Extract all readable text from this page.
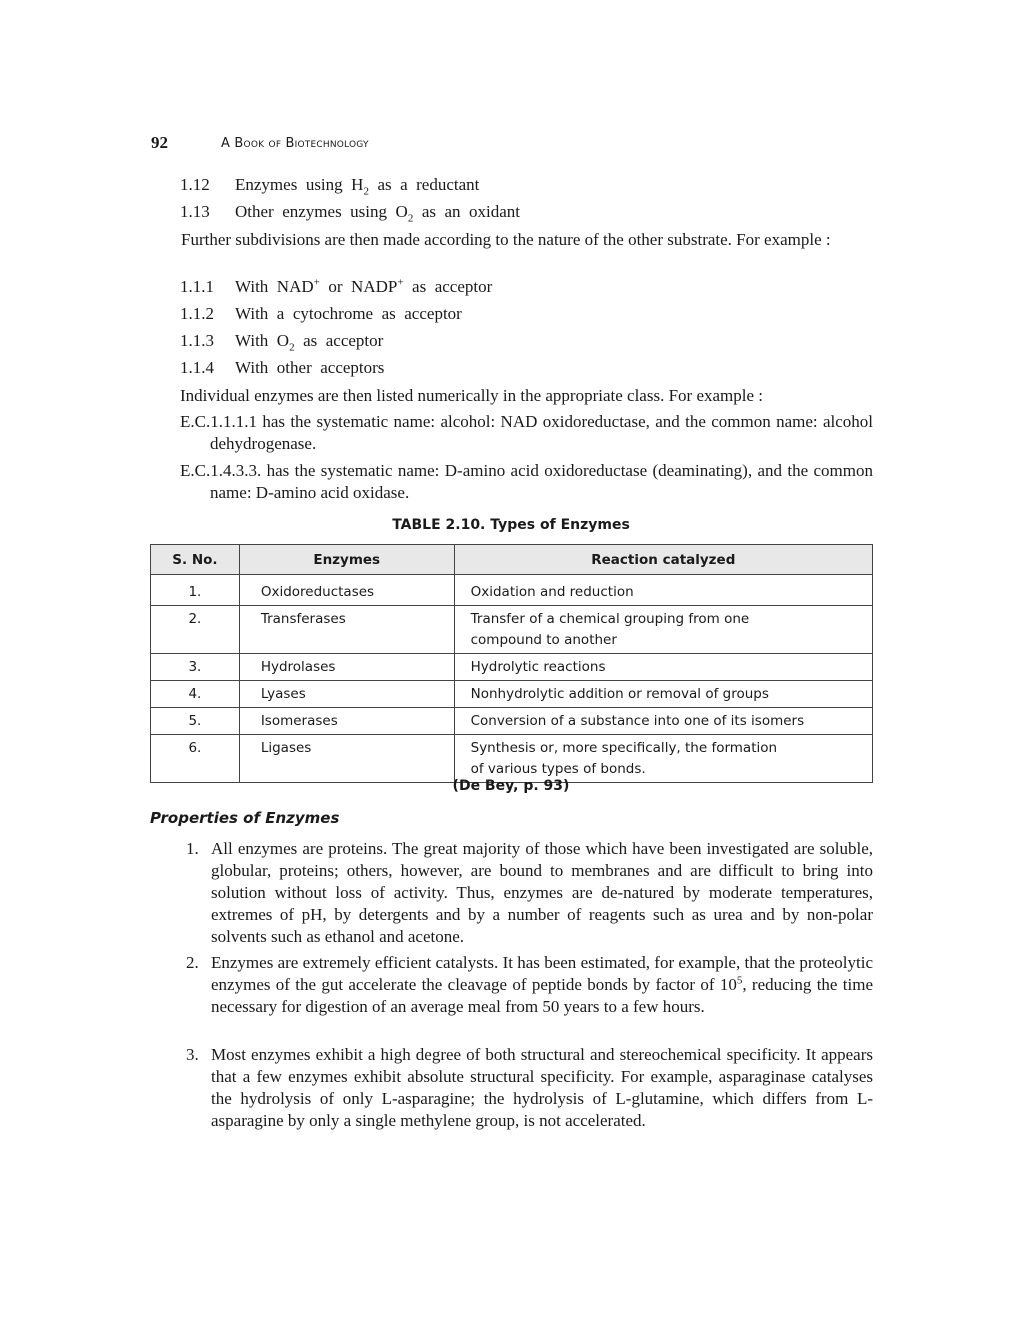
92	A Book of Biotechnology
1.12 Enzymes  using  $H_2$  as  a  reductant
1.13 Other  enzymes  using  $O_2$  as  an  oxidant
Further subdivisions are then made according to the nature of the other substrate. For example :
1.1.1 With  NAD+  or  NADP+  as  acceptor
1.1.2 With  a  cytochrome  as  acceptor
1.1.3 With  $O_2$  as  acceptor
1.1.4 With  other  acceptors
Individual enzymes are then listed numerically in the appropriate class. For example :
E.C.1.1.1.1 has the systematic name: alcohol: NAD oxidoreductase, and the common name: alcohol dehydrogenase.
E.C.1.4.3.3. has the systematic name: D-amino acid oxidoreductase (deaminating), and the common name: D-amino acid oxidase.
TABLE 2.10. Types of Enzymes
S. No.	Enzymes	Reaction catalyzed
1.	Oxidoreductases	Oxidation and reduction
2.	Transferases	Transfer of a chemical grouping from one compound to another
3.	Hydrolases	Hydrolytic reactions
4.	Lyases	Nonhydrolytic addition or removal of groups
5.	Isomerases	Conversion of a substance into one of its isomers
6.	Ligases	Synthesis or, more specifically, the formation of various types of bonds.
(De Bey, p. 93)
Properties of Enzymes
1. All enzymes are proteins. The great majority of those which have been investigated are soluble, globular, proteins; others, however, are bound to membranes and are difficult to bring into solution without loss of activity. Thus, enzymes are de-natured by moderate temperatures, extremes of pH, by detergents and by a number of reagents such as urea and by non-polar solvents such as ethanol and acetone.
2. Enzymes are extremely efficient catalysts. It has been estimated, for example, that the proteolytic enzymes of the gut accelerate the cleavage of peptide bonds by factor of $10^5$, reducing the time necessary for digestion of an average meal from 50 years to a few hours.
3. Most enzymes exhibit a high degree of both structural and stereochemical specificity. It appears that a few enzymes exhibit absolute structural specificity. For example, asparaginase catalyses the hydrolysis of only L-asparagine; the hydrolysis of L-glutamine, which differs from L-asparagine by only a single methylene group, is not accelerated.
